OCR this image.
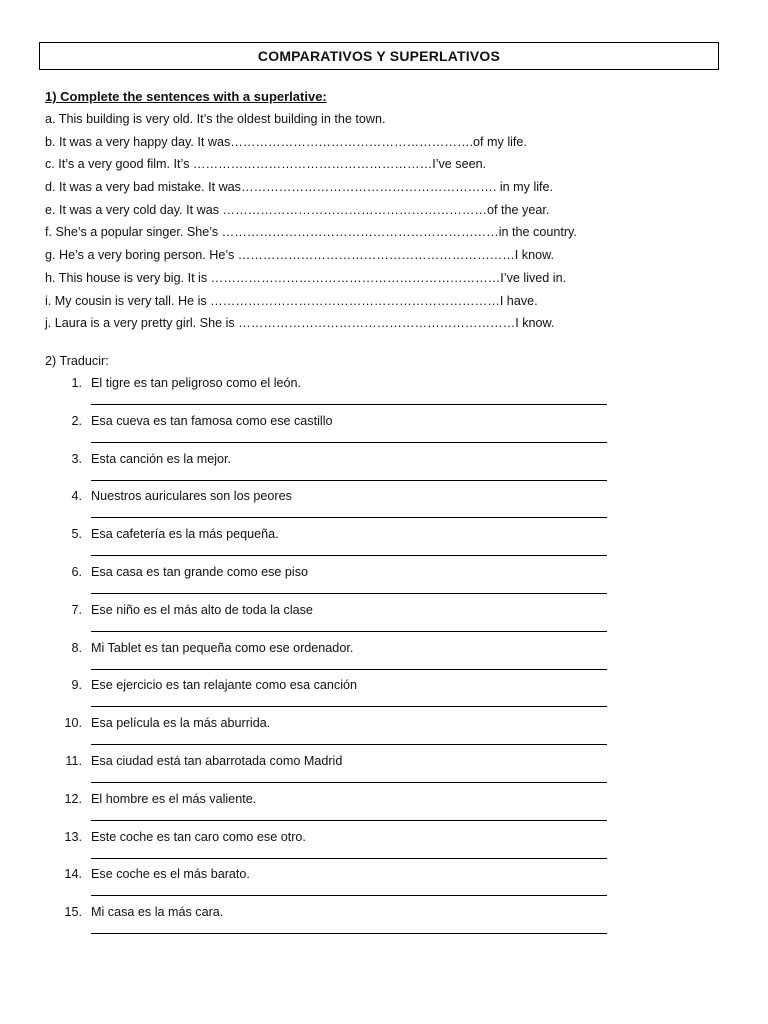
COMPARATIVOS Y SUPERLATIVOS
1) Complete the sentences with a superlative:
a. This building is very old. It’s the oldest building in the town.
b. It was a very happy day. It was………………………………………………….of my life.
c. It’s a very good film. It’s …………………………………………………I’ve seen.
d. It was a very bad mistake. It was……………………………………………………. in my life.
e. It was a very cold day. It was ………………………………………………………of the year.
f. She’s a popular singer. She’s …………………………………………………………in the country.
g. He’s a very boring person. He’s …………………………………………………………I know.
h. This house is very big. It is ……………………………………………………………I’ve lived in.
i. My cousin is very tall. He is ……………………………………………………………I have.
j. Laura is a very pretty girl. She is …………………………………………………………I know.
2) Traducir:
1. El tigre es tan peligroso como el león.
2. Esa cueva es tan famosa como ese castillo
3. Esta canción es la mejor.
4. Nuestros auriculares son los peores
5. Esa cafetería es la más pequeña.
6. Esa casa es tan grande como ese piso
7. Ese niño es el más alto de toda la clase
8. Mi Tablet es tan pequeña como ese ordenador.
9. Ese ejercicio es tan relajante como esa canción
10. Esa película es la más aburrida.
11. Esa ciudad está tan abarrotada como Madrid
12. El hombre es el más valiente.
13. Este coche es tan caro como ese otro.
14. Ese coche es el más barato.
15. Mi casa es la más cara.
